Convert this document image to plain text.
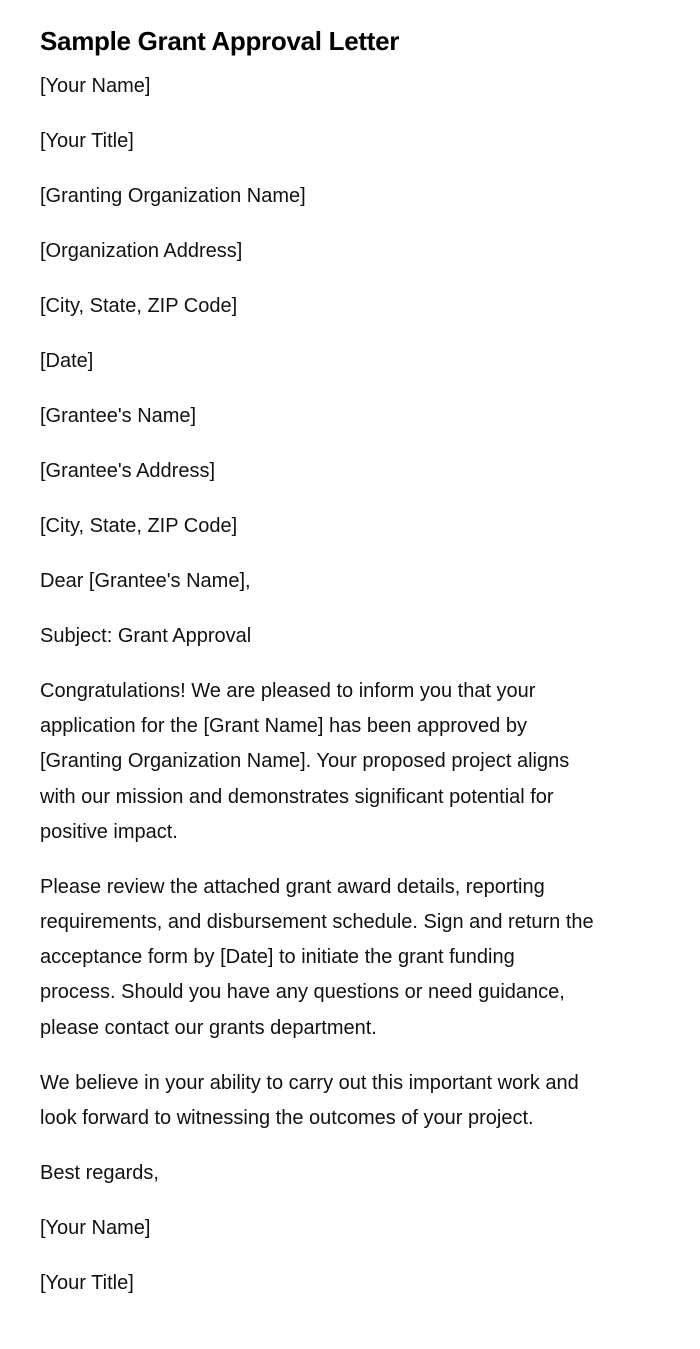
Sample Grant Approval Letter

[Your Name]

[Your Title]

[Granting Organization Name]

[Organization Address]

[City, State, ZIP Code]

[Date]

[Grantee's Name]

[Grantee's Address]

[City, State, ZIP Code]

Dear [Grantee's Name],

Subject: Grant Approval

Congratulations! We are pleased to inform you that your
application for the [Grant Name] has been approved by
[Granting Organization Name]. Your proposed project aligns
with our mission and demonstrates significant potential for
positive impact.

Please review the attached grant award details, reporting
requirements, and disbursement schedule. Sign and return the
acceptance form by [Date] to initiate the grant funding
process. Should you have any questions or need guidance,
please contact our grants department.

We believe in your ability to carry out this important work and
look forward to witnessing the outcomes of your project.

Best regards,

[Your Name]

[Your Title]
